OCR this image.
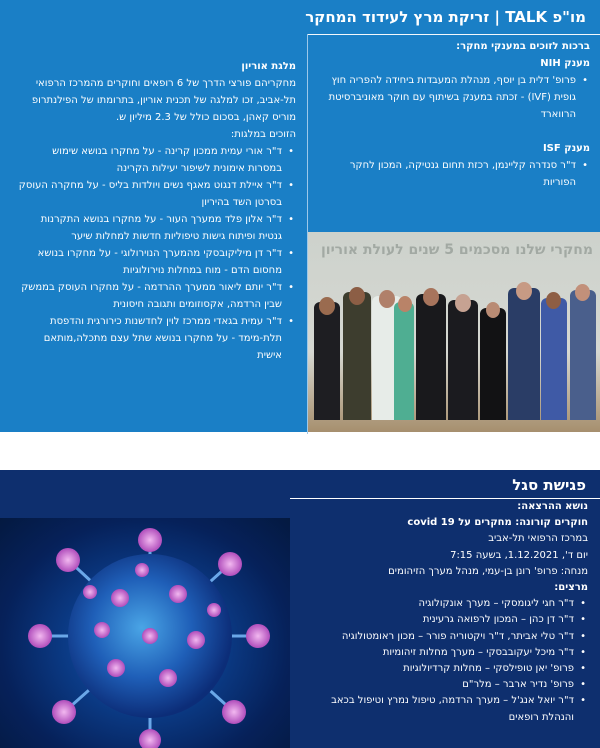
מו"פ TALK | זריקת מרץ לעידוד המחקר
ברכות לזוכים במענקי מחקר:
מענק NIH
• פרופ' דלית בן יוסף, מנהלת המעבדות ביחידה להפריה חוץ גופית (IVF) - זכתה במענק בשיתוף עם חוקר מאוניברסיטת הרווארד
מענק ISF
• ד"ר סנדרה קליינמן, רכזת תחום גנטיקה, המכון לחקר הפוריות
מלגת אוריון
מחקריהם פורצי הדרך של 6 רופאים וחוקרים מהמרכז הרפואי תל-אביב, זכו למלגה של תכנית אוריון, בתרומתו של הפילנתרופ מוריס קאהן, בסכום כולל של 2.3 מיליון ש.
הזוכים במלגות:
• ד"ר אורי עמית ממכון קרינה - על מחקרו בנושא שימוש במסרות אימונית לשיפור יעילות הקרינה
• ד"ר איילת דנגוט מאגף נשים ויולדות בליס - על מחקרה העוסק בסרטן השד בהיריון
• ד"ר אלון פלד ממערך העור - על מחקרו בנושא התקרנות גנטית ופיתוח גישות טיפוליות חדשות למחלות שיער
• ד"ר דן מיליקובסקי מהמערך הנוירולוגי - על מחקרו בנושא מחסום הדם - מוח במחלות נוירולוגיות
• ד"ר יותם ליאור ממערך ההרדמה - על מחקרו העוסק בממשק שבין הרדמה, אקסוזומים ותגובה חיסונית
• ד"ר עמית בגאדי ממרכז לוין לחדשנות כירורגית והדפסת תלת-מימד - על מחקרו בנושא שתל עצם מתכלה,מותאם אישית
מחקרי שלנו מסכמים 5 שנים לעולת אוריון
פגישת סגל
נושא ההרצאה:
חוקרים קורונה: מחקרים על covid 19
במרכז הרפואי תל-אביב
יום ד', 1.12.2021, בשעה 7:15
מנחה: פרופ' רונן בן-עמי, מנהל מערך הזיהומים
מרצים:
• ד"ר חגי ליגומסקי – מערך אונקולוגיה
• ד"ר דן כהן – המכון לרפואה גרעינית
• ד"ר טלי אביתר, ד"ר ויקטוריה פורר – מכון ראומטולוגיה
• ד"ר מיכל יעקובבסקי – מערך מחלות זיהומיות
• פרופ' יאן טופילסקי – מחלות קרדיולוגיות
• פרופ' נדיר ארבר – מלר"ם
• ד"ר יואל אנג'ל – מערך הרדמה, טיפול נמרץ וטיפול בכאב והנהלת רופאים
